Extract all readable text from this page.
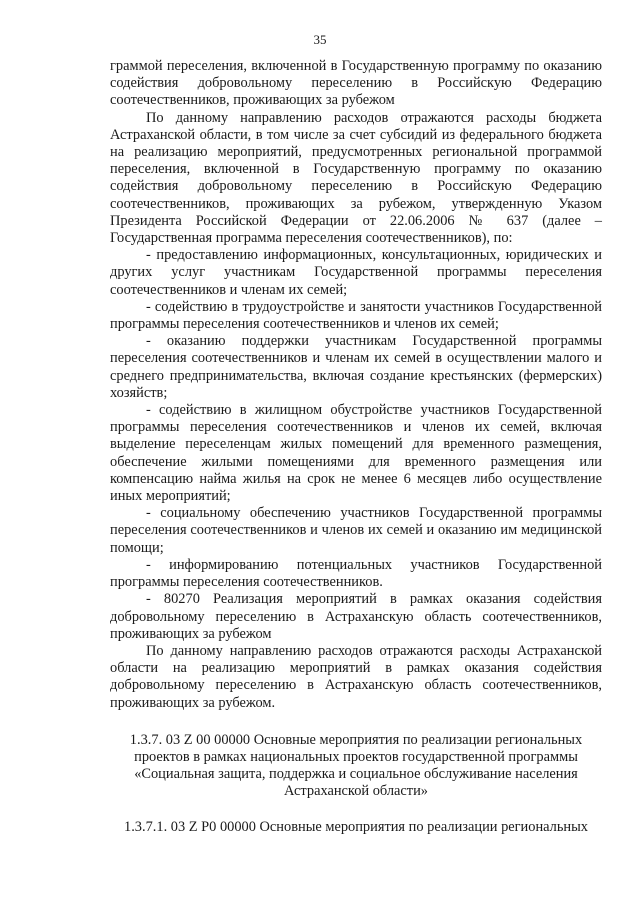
35

граммой переселения, включенной в Государственную программу по оказанию содействия добровольному переселению в Российскую Федерацию соотечественников, проживающих за рубежом

По данному направлению расходов отражаются расходы бюджета Астраханской области, в том числе за счет субсидий из федерального бюджета на реализацию мероприятий, предусмотренных региональной программой переселения, включенной в Государственную программу по оказанию содействия добровольному переселению в Российскую Федерацию соотечественников, проживающих за рубежом, утвержденную Указом Президента Российской Федерации от 22.06.2006 № 637 (далее – Государственная программа переселения соотечественников), по:

- предоставлению информационных, консультационных, юридических и других услуг участникам Государственной программы переселения соотечественников и членам их семей;

- содействию в трудоустройстве и занятости участников Государственной программы переселения соотечественников и членов их семей;

- оказанию поддержки участникам Государственной программы переселения соотечественников и членам их семей в осуществлении малого и среднего предпринимательства, включая создание крестьянских (фермерских) хозяйств;

- содействию в жилищном обустройстве участников Государственной программы переселения соотечественников и членов их семей, включая выделение переселенцам жилых помещений для временного размещения, обеспечение жилыми помещениями для временного размещения или компенсацию найма жилья на срок не менее 6 месяцев либо осуществление иных мероприятий;

- социальному обеспечению участников Государственной программы переселения соотечественников и членов их семей и оказанию им медицинской помощи;

- информированию потенциальных участников Государственной программы переселения соотечественников.

- 80270 Реализация мероприятий в рамках оказания содействия добровольному переселению в Астраханскую область соотечественников, проживающих за рубежом

По данному направлению расходов отражаются расходы Астраханской области на реализацию мероприятий в рамках оказания содействия добровольному переселению в Астраханскую область соотечественников, проживающих за рубежом.

1.3.7. 03 Z 00 00000 Основные мероприятия по реализации региональных проектов в рамках национальных проектов государственной программы «Социальная защита, поддержка и социальное обслуживание населения Астраханской области»

1.3.7.1. 03 Z P0 00000 Основные мероприятия по реализации региональных
